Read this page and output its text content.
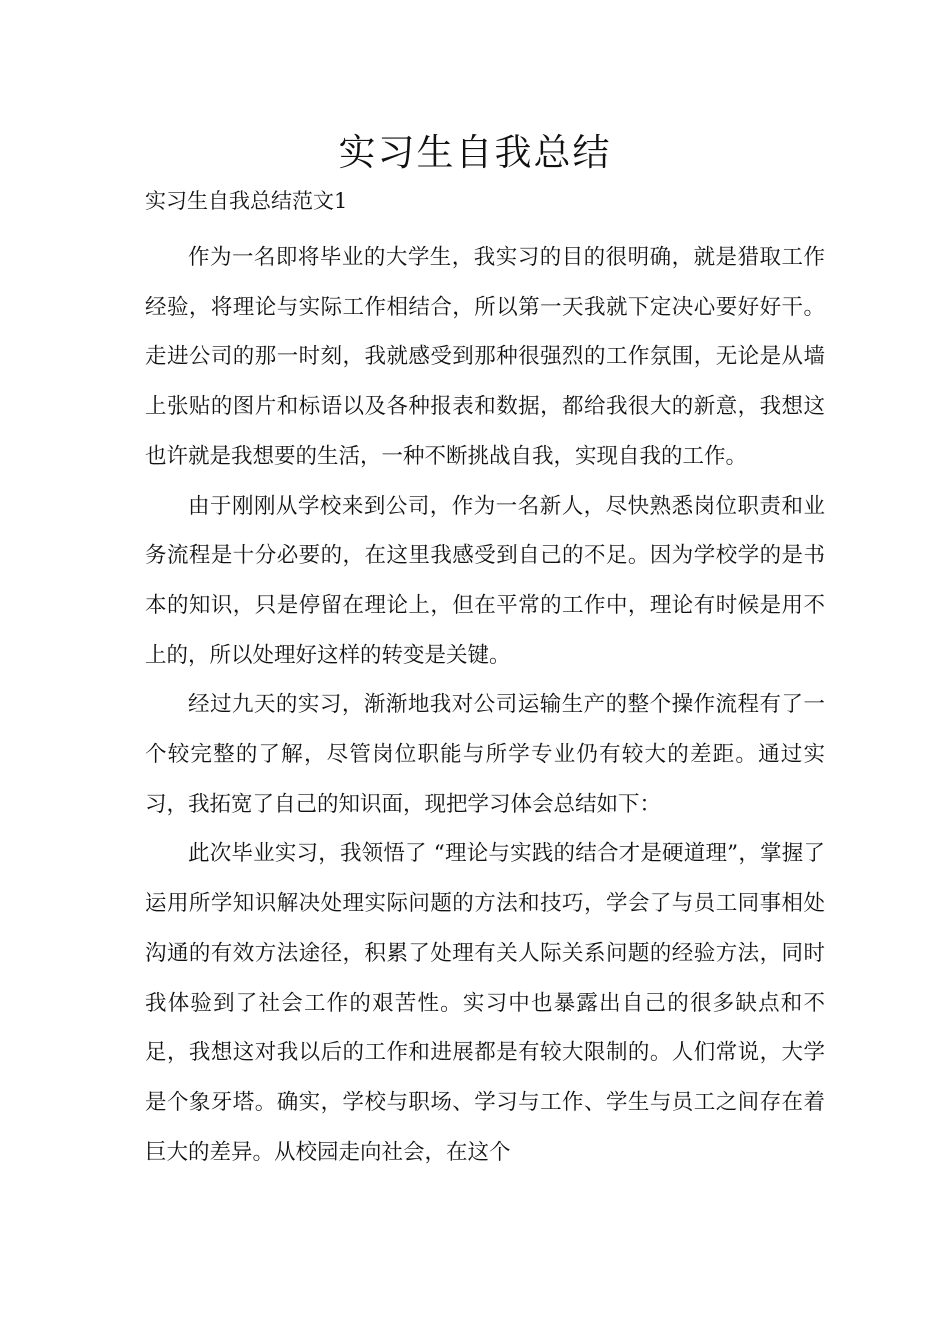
实习生自我总结

实习生自我总结范文1

作为一名即将毕业的大学生，我实习的目的很明确，就是猎取工作经验，将理论与实际工作相结合，所以第一天我就下定决心要好好干。走进公司的那一时刻，我就感受到那种很强烈的工作氛围，无论是从墙上张贴的图片和标语以及各种报表和数据，都给我很大的新意，我想这也许就是我想要的生活，一种不断挑战自我，实现自我的工作。

由于刚刚从学校来到公司，作为一名新人，尽快熟悉岗位职责和业务流程是十分必要的，在这里我感受到自己的不足。因为学校学的是书本的知识，只是停留在理论上，但在平常的工作中，理论有时候是用不上的，所以处理好这样的转变是关键。

经过九天的实习，渐渐地我对公司运输生产的整个操作流程有了一个较完整的了解，尽管岗位职能与所学专业仍有较大的差距。通过实习，我拓宽了自己的知识面，现把学习体会总结如下：

此次毕业实习，我领悟了 “理论与实践的结合才是硬道理”，掌握了运用所学知识解决处理实际问题的方法和技巧，学会了与员工同事相处沟通的有效方法途径，积累了处理有关人际关系问题的经验方法，同时我体验到了社会工作的艰苦性。实习中也暴露出自己的很多缺点和不足，我想这对我以后的工作和进展都是有较大限制的。人们常说，大学是个象牙塔。确实，学校与职场、学习与工作、学生与员工之间存在着巨大的差异。从校园走向社会，在这个
